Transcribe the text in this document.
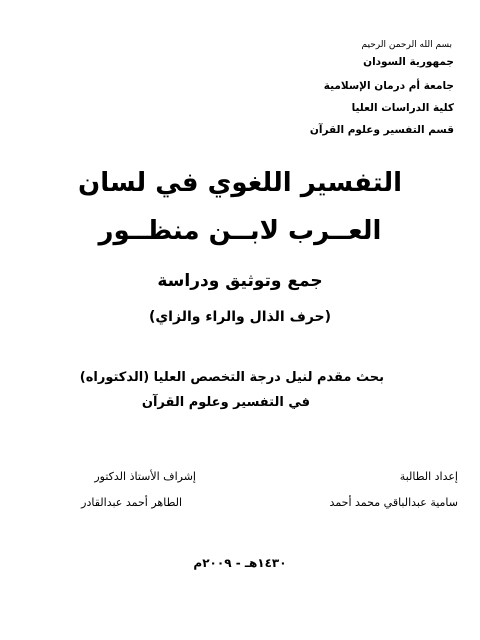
بسم الله الرحمن الرحيم
جمهورية السودان
جامعة أم درمان الإسلامية
كلية الدراسات العليا
قسم التفسير وعلوم القرآن
التفسير اللغوي في لسان
العــرب لابــن منظــور
جمع وتوثيق ودراسة
(حرف الذال والراء والزاي)
بحث مقدم لنيل درجة التخصص العليا (الدكتوراه)
في التفسير وعلوم القرآن
إعداد الطالبة
سامية عبدالباقي محمد أحمد
إشراف الأستاذ الدكتور
الطاهر أحمد عبدالقادر
١٤٣٠هـ - ٢٠٠٩م
